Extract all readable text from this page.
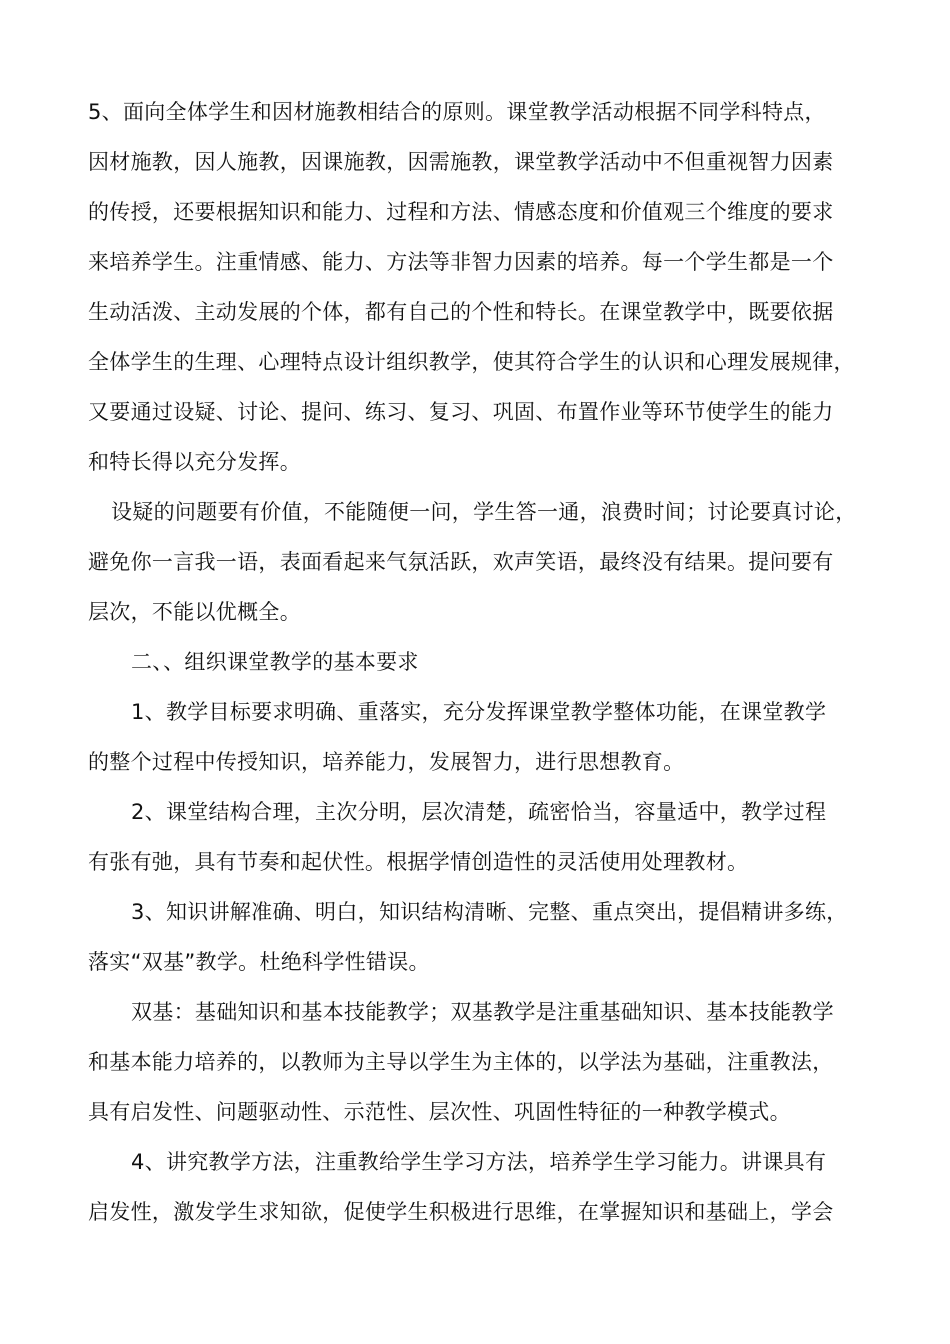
5、面向全体学生和因材施教相结合的原则。课堂教学活动根据不同学科特点，
因材施教，因人施教，因课施教，因需施教，课堂教学活动中不但重视智力因素
的传授，还要根据知识和能力、过程和方法、情感态度和价值观三个维度的要求
来培养学生。注重情感、能力、方法等非智力因素的培养。每一个学生都是一个
生动活泼、主动发展的个体，都有自己的个性和特长。在课堂教学中，既要依据
全体学生的生理、心理特点设计组织教学，使其符合学生的认识和心理发展规律，
又要通过设疑、讨论、提问、练习、复习、巩固、布置作业等环节使学生的能力
和特长得以充分发挥。
设疑的问题要有价值，不能随便一问，学生答一通，浪费时间；讨论要真讨论，
避免你一言我一语，表面看起来气氛活跃，欢声笑语，最终没有结果。提问要有
层次，不能以优概全。
二、、组织课堂教学的基本要求
1、教学目标要求明确、重落实，充分发挥课堂教学整体功能，在课堂教学
的整个过程中传授知识，培养能力，发展智力，进行思想教育。
2、课堂结构合理，主次分明，层次清楚，疏密恰当，容量适中，教学过程
有张有弛，具有节奏和起伏性。根据学情创造性的灵活使用处理教材。
3、知识讲解准确、明白，知识结构清晰、完整、重点突出，提倡精讲多练，
落实“双基”教学。杜绝科学性错误。
双基：基础知识和基本技能教学；双基教学是注重基础知识、基本技能教学
和基本能力培养的，以教师为主导以学生为主体的，以学法为基础，注重教法，
具有启发性、问题驱动性、示范性、层次性、巩固性特征的一种教学模式。
4、讲究教学方法，注重教给学生学习方法，培养学生学习能力。讲课具有
启发性，激发学生求知欲，促使学生积极进行思维，在掌握知识和基础上，学会
